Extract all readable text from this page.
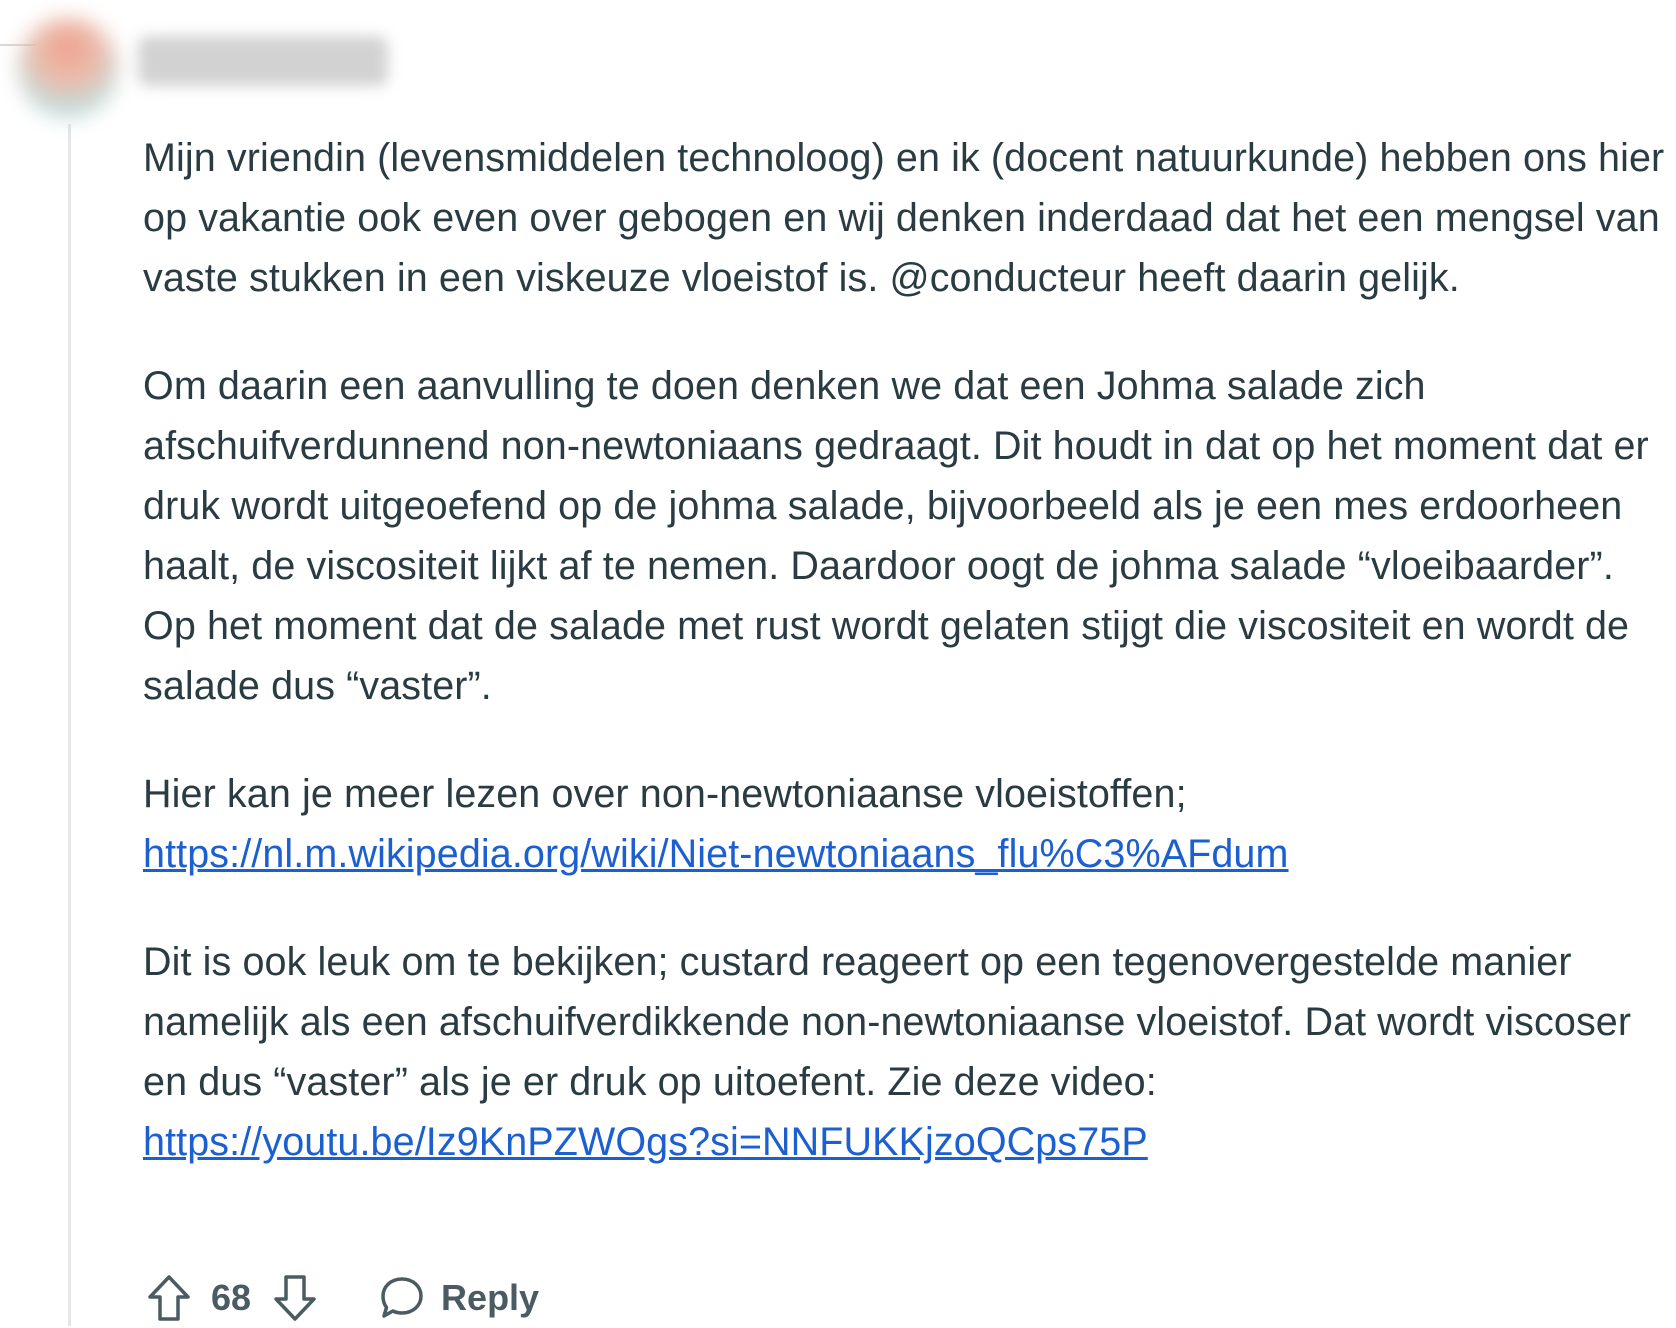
Mijn vriendin (levensmiddelen technoloog) en ik (docent natuurkunde) hebben ons hier op vakantie ook even over gebogen en wij denken inderdaad dat het een mengsel van vaste stukken in een viskeuze vloeistof is. @conducteur heeft daarin gelijk.

Om daarin een aanvulling te doen denken we dat een Johma salade zich afschuifverdunnend non-newtoniaans gedraagt. Dit houdt in dat op het moment dat er druk wordt uitgeoefend op de johma salade, bijvoorbeeld als je een mes erdoorheen haalt, de viscositeit lijkt af te nemen. Daardoor oogt de johma salade “vloeibaarder”. Op het moment dat de salade met rust wordt gelaten stijgt die viscositeit en wordt de salade dus “vaster”.

Hier kan je meer lezen over non-newtoniaanse vloeistoffen;
https://nl.m.wikipedia.org/wiki/Niet-newtoniaans_flu%C3%AFdum

Dit is ook leuk om te bekijken; custard reageert op een tegenovergestelde manier namelijk als een afschuifverdikkende non-newtoniaanse vloeistof. Dat wordt viscoser en dus “vaster” als je er druk op uitoefent. Zie deze video:
https://youtu.be/Iz9KnPZWOgs?si=NNFUKKjzoQCps75P

68	Reply
